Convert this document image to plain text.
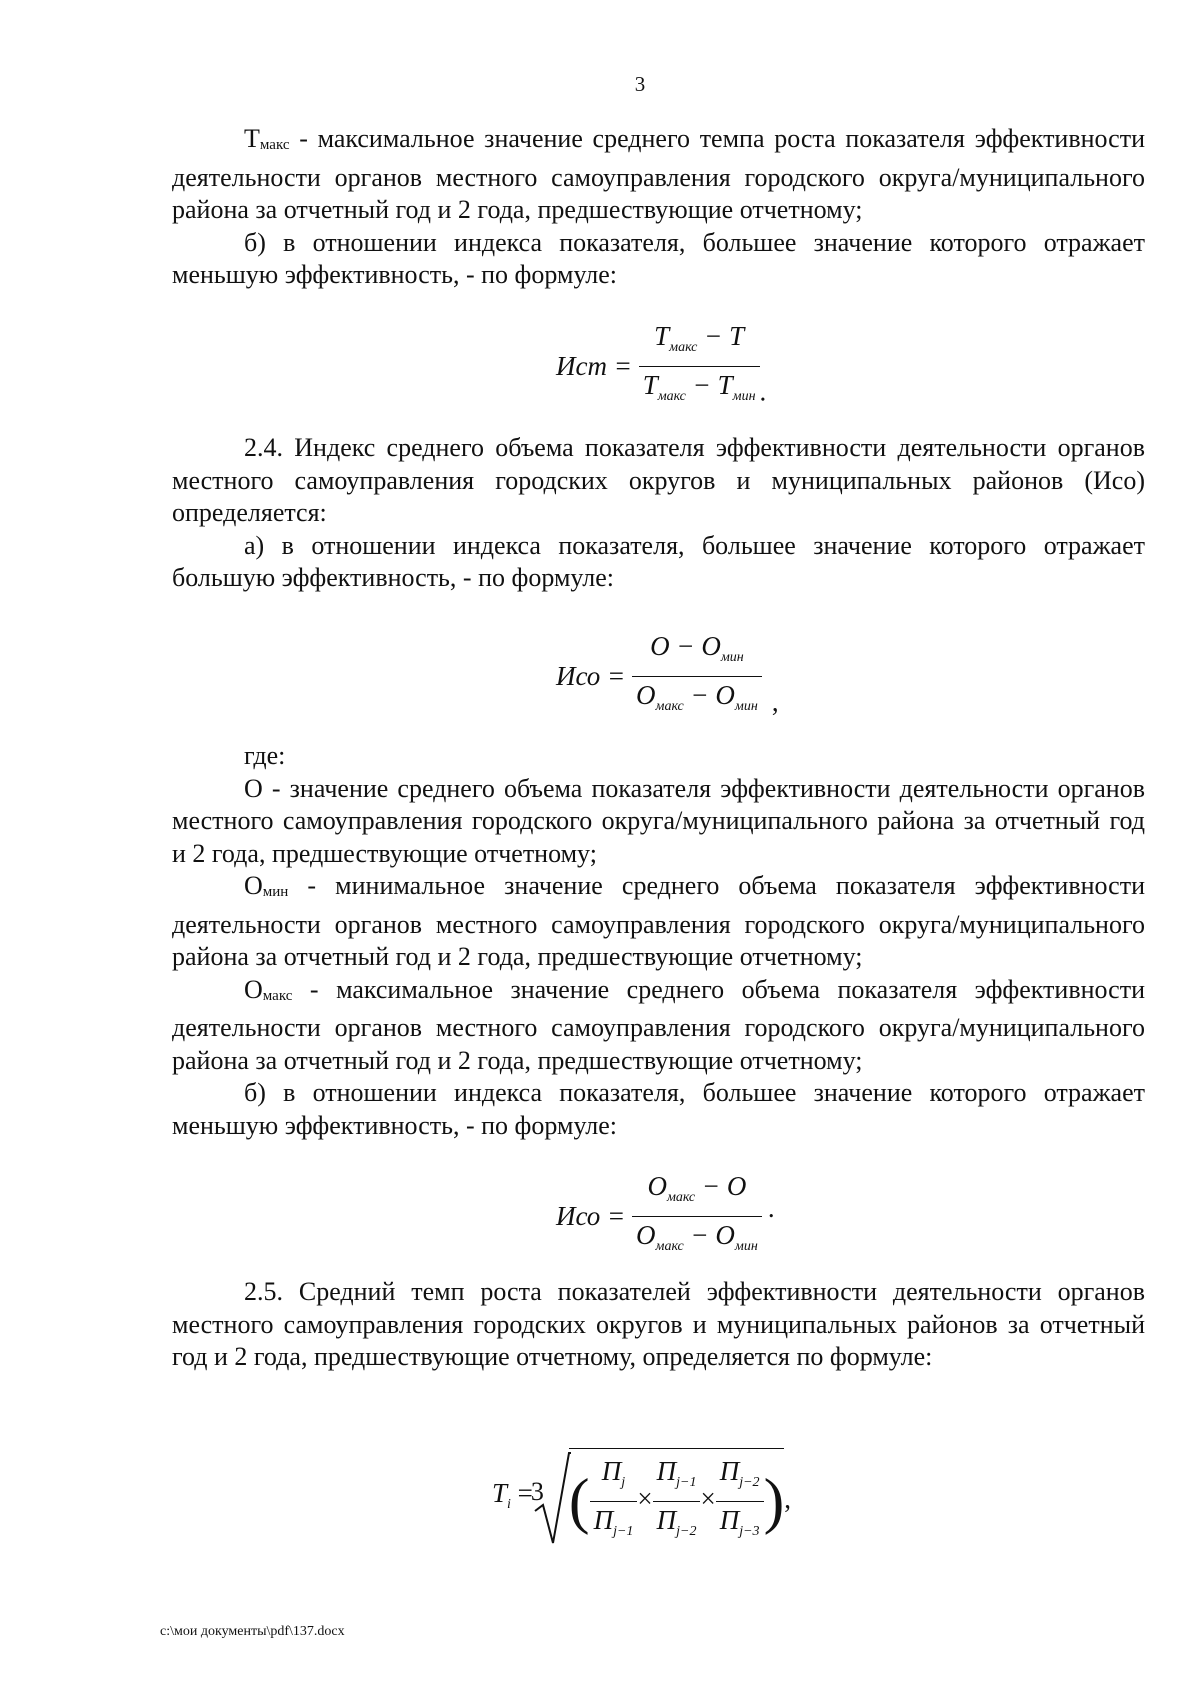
3

Тмакс - максимальное значение среднего темпа роста показателя эффективности деятельности органов местного самоуправления городского округа/муниципального района за отчетный год и 2 года, предшествующие отчетному;

б) в отношении индекса показателя, большее значение которого отражает меньшую эффективность, - по формуле:

Ист = $\frac{T_{макс} - T}{T_{макс} - T_{мин}}$ .

2.4. Индекс среднего объема показателя эффективности деятельности органов местного самоуправления городских округов и муниципальных районов (Исо) определяется:

а) в отношении индекса показателя, большее значение которого отражает большую эффективность, - по формуле:

Исо = $\frac{O - O_{мин}}{O_{макс} - O_{мин}}$ ,

где:

О - значение среднего объема показателя эффективности деятельности органов местного самоуправления городского округа/муниципального района за отчетный год и 2 года, предшествующие отчетному;

Омин - минимальное значение среднего объема показателя эффективности деятельности органов местного самоуправления городского округа/муниципального района за отчетный год и 2 года, предшествующие отчетному;

Омакс - максимальное значение среднего объема показателя эффективности деятельности органов местного самоуправления городского округа/муниципального района за отчетный год и 2 года, предшествующие отчетному;

б) в отношении индекса показателя, большее значение которого отражает меньшую эффективность, - по формуле:

Исо = $\frac{O_{макс} - O}{O_{макс} - O_{мин}}$ .

2.5. Средний темп роста показателей эффективности деятельности органов местного самоуправления городских округов и муниципальных районов за отчетный год и 2 года, предшествующие отчетному, определяется по формуле:

$T_i$ =
3 ( $\frac{П_j}{П_{j-1}} \times \frac{П_{j-1}}{П_{j-2}} \times \frac{П_{j-2}}{П_{j-3}}$ ),
c:\мои документы\pdf\137.docx
